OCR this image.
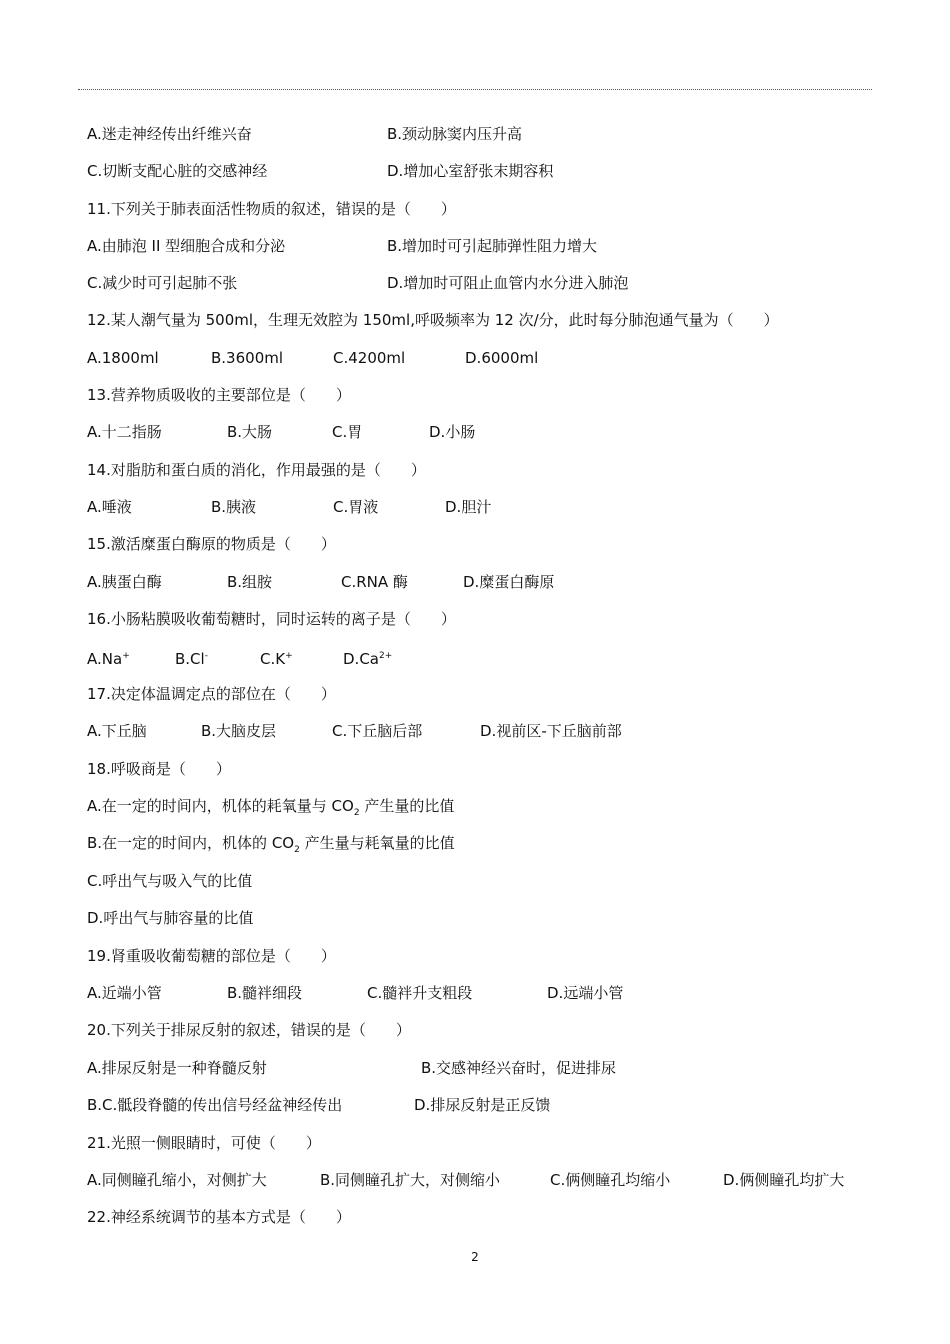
A.迷走神经传出纤维兴奋	B.颈动脉窦内压升高
C.切断支配心脏的交感神经	D.增加心室舒张末期容积
11.下列关于肺表面活性物质的叙述，错误的是（　　）
A.由肺泡 II 型细胞合成和分泌	B.增加时可引起肺弹性阻力增大
C.减少时可引起肺不张	D.增加时可阻止血管内水分进入肺泡
12.某人潮气量为 500ml，生理无效腔为 150ml,呼吸频率为 12 次/分，此时每分肺泡通气量为（　　）
A.1800ml	B.3600ml	C.4200ml	D.6000ml
13.营养物质吸收的主要部位是（　　）
A.十二指肠	B.大肠	C.胃	D.小肠
14.对脂肪和蛋白质的消化，作用最强的是（　　）
A.唾液	B.胰液	C.胃液	D.胆汁
15.激活糜蛋白酶原的物质是（　　）
A.胰蛋白酶	B.组胺	C.RNA 酶	D.糜蛋白酶原
16.小肠粘膜吸收葡萄糖时，同时运转的离子是（　　）
A.Na+	B.Cl-	C.K+	$D.Ca^{2+}$
17.决定体温调定点的部位在（　　）
A.下丘脑	B.大脑皮层	C.下丘脑后部	D.视前区-下丘脑前部
18.呼吸商是（　　）
A.在一定的时间内，机体的耗氧量与 $CO_2$ 产生量的比值
B.在一定的时间内，机体的 $CO_2$ 产生量与耗氧量的比值
C.呼出气与吸入气的比值
D.呼出气与肺容量的比值
19.肾重吸收葡萄糖的部位是（　　）
A.近端小管	B.髓袢细段	C.髓袢升支粗段	D.远端小管
20.下列关于排尿反射的叙述，错误的是（　　）
A.排尿反射是一种脊髓反射	B.交感神经兴奋时，促进排尿
B.C.骶段脊髓的传出信号经盆神经传出	D.排尿反射是正反馈
21.光照一侧眼睛时，可使（　　）
A.同侧瞳孔缩小，对侧扩大	B.同侧瞳孔扩大，对侧缩小	C.俩侧瞳孔均缩小	D.俩侧瞳孔均扩大
22.神经系统调节的基本方式是（　　）
2
